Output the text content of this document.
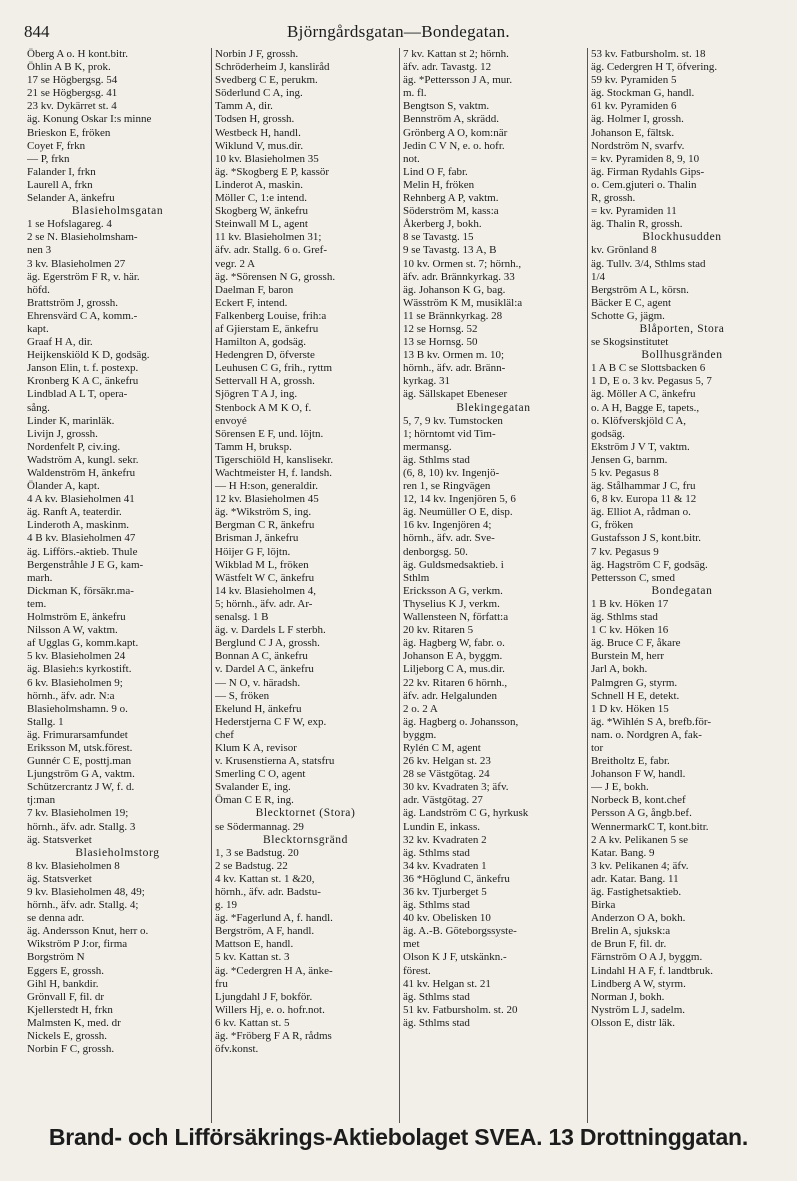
844	Björngårdsgatan—Bondegatan.
Öberg A o. H kont.bitr.
Öhlin A B K, prok.
17 se Högbergsg. 54
21 se Högbergsg. 41
23 kv. Dykärret st. 4
äg. Konung Oskar I:s minne
Brieskon E, fröken
Coyet F, frkn
— P, frkn
Falander I, frkn
Laurell A, frkn
Selander A, änkefru
Blasieholmsgatan
1 se Hofslagareg. 4
2 se N. Blasieholmsham-
nen 3
3 kv. Blasieholmen 27
äg. Egerström F R, v. här.
höfd.
Brattström J, grossh.
Ehrensvärd C A, komm.-
kapt.
Graaf H A, dir.
Heijkenskiöld K D, godsäg.
Janson Elin, t. f. postexp.
Kronberg K A C, änkefru
Lindblad A L T, opera-
sång.
Linder K, marinläk.
Livijn J, grossh.
Nordenfelt P, civ.ing.
Wadström A, kungl. sekr.
Waldenström H, änkefru
Ölander A, kapt.
4 A kv. Blasieholmen 41
äg. Ranft A, teaterdir.
Linderoth A, maskinm.
4 B kv. Blasieholmen 47
äg. Lifförs.-aktieb. Thule
Bergenstråhle J E G, kam-
marh.
Dickman K, försäkr.ma-
tem.
Holmström E, änkefru
Nilsson A W, vaktm.
af Ugglas G, komm.kapt.
5 kv. Blasieholmen 24
äg. Blasieh:s kyrkostift.
6 kv. Blasieholmen 9;
hörnh., äfv. adr. N:a
Blasieholmshamn. 9 o.
Stallg. 1
äg. Frimurarsamfundet
Eriksson M, utsk.förest.
Gunnér C E, posttj.man
Ljungström G A, vaktm.
Schützercrantz J W, f. d.
tj:man
7 kv. Blasieholmen 19;
hörnh., äfv. adr. Stallg. 3
äg. Statsverket
Blasieholmstorg
8 kv. Blasieholmen 8
äg. Statsverket
9 kv. Blasieholmen 48, 49;
hörnh., äfv. adr. Stallg. 4;
se denna adr.
äg. Andersson Knut, herr o.
Wikström P J:or, firma
Borgström N
Eggers E, grossh.
Gihl H, bankdir.
Grönvall F, fil. dr
Kjellerstedt H, frkn
Malmsten K, med. dr
Nickels E, grossh.
Norbin F C, grossh.
Norbin J F, grossh.
Schröderheim J, kansliråd
Svedberg C E, perukm.
Söderlund C A, ing.
Tamm A, dir.
Todsen H, grossh.
Westbeck H, handl.
Wiklund V, mus.dir.
10 kv. Blasieholmen 35
äg. *Skogberg E P, kassör
Linderot A, maskin.
Möller C, 1:e intend.
Skogberg W, änkefru
Steinwall M L, agent
11 kv. Blasieholmen 31;
äfv. adr. Stallg. 6 o. Gref-
vegr. 2 A
äg. *Sörensen N G, grossh.
Daelman F, baron
Eckert F, intend.
Falkenberg Louise, frih:a
af Gjierstam E, änkefru
Hamilton A, godsäg.
Hedengren D, öfverste
Leuhusen C G, frih., ryttm
Settervall H A, grossh.
Sjögren T A J, ing.
Stenbock A M K O, f.
envoyé
Sörensen E F, und. löjtn.
Tamm H, bruksp.
Tigerschiöld H, kanslisekr.
Wachtmeister H, f. landsh.
— H H:son, generaldir.
12 kv. Blasieholmen 45
äg. *Wikström S, ing.
Bergman C R, änkefru
Brisman J, änkefru
Höijer G F, löjtn.
Wikblad M L, fröken
Wästfelt W C, änkefru
14 kv. Blasieholmen 4,
5; hörnh., äfv. adr. Ar-
senalsg. 1 B
äg. v. Dardels L F sterbh.
Berglund C J A, grossh.
Bonnan A C, änkefru
v. Dardel A C, änkefru
— N O, v. häradsh.
— S, fröken
Ekelund H, änkefru
Hederstjerna C F W, exp.
chef
Klum K A, revisor
v. Krusenstierna A, statsfru
Smerling C O, agent
Svalander E, ing.
Öman C E R, ing.
Blecktornet (Stora)
se Södermannag. 29
Blecktornsgränd
1, 3 se Badstug. 20
2 se Badstug. 22
4 kv. Kattan st. 1 &20,
hörnh., äfv. adr. Badstu-
g. 19
äg. *Fagerlund A, f. handl.
Bergström, A F, handl.
Mattson E, handl.
5 kv. Kattan st. 3
äg. *Cedergren H A, änke-
fru
Ljungdahl J F, bokför.
Willers Hj, e. o. hofr.not.
6 kv. Kattan st. 5
äg. *Fröberg F A R, rådms
öfv.konst.
7 kv. Kattan st 2; hörnh.
äfv. adr. Tavastg. 12
äg. *Pettersson J A, mur.
m. fl.
Bengtson S, vaktm.
Bennström A, skrädd.
Grönberg A O, kom:när
Jedin C V N, e. o. hofr.
not.
Lind O F, fabr.
Melin H, fröken
Rehnberg A P, vaktm.
Söderström M, kass:a
Åkerberg J, bokh.
8 se Tavastg. 15
9 se Tavastg. 13 A, B
10 kv. Ormen st. 7; hörnh.,
äfv. adr. Brännkyrkag. 33
äg. Johanson K G, bag.
Wäsström K M, musikläl:a
11 se Brännkyrkag. 28
12 se Hornsg. 52
13 se Hornsg. 50
13 B kv. Ormen m. 10;
hörnh., äfv. adr. Bränn-
kyrkag. 31
äg. Sällskapet Ebeneser
Blekingegatan
5, 7, 9 kv. Tumstocken
1; hörntomt vid Tim-
mermansg.
äg. Sthlms stad
(6, 8, 10) kv. Ingenjö-
ren 1, se Ringvägen
12, 14 kv. Ingenjören 5, 6
äg. Neumüller O E, disp.
16 kv. Ingenjören 4;
hörnh., äfv. adr. Sve-
denborgsg. 50.
äg. Guldsmedsaktieb. i
Sthlm
Ericksson A G, verkm.
Thyselius K J, verkm.
Wallensteen N, författ:a
20 kv. Ritaren 5
äg. Hagberg W, fabr. o.
Johanson E A, byggm.
Liljeborg C A, mus.dir.
22 kv. Ritaren 6 hörnh.,
äfv. adr. Helgalunden
2 o. 2 A
äg. Hagberg o. Johansson,
byggm.
Rylén C M, agent
26 kv. Helgan st. 23
28 se Västgötag. 24
30 kv. Kvadraten 3; äfv.
adr. Västgötag. 27
äg. Landström C G, hyrkusk
Lundin E, inkass.
32 kv. Kvadraten 2
äg. Sthlms stad
34 kv. Kvadraten 1
36 *Höglund C, änkefru
36 kv. Tjurberget 5
äg. Sthlms stad
40 kv. Obelisken 10
äg. A.-B. Göteborgssyste-
met
Olson K J F, utskänkn.-
förest.
41 kv. Helgan st. 21
äg. Sthlms stad
51 kv. Fatbursholm. st. 20
äg. Sthlms stad
53 kv. Fatbursholm. st. 18
äg. Cedergren H T, öfvering.
59 kv. Pyramiden 5
äg. Stockman G, handl.
61 kv. Pyramiden 6
äg. Holmer I, grossh.
Johanson E, fältsk.
Nordström N, svarfv.
= kv. Pyramiden 8, 9, 10
äg. Firman Rydahls Gips-
o. Cem.gjuteri o. Thalin
R, grossh.
= kv. Pyramiden 11
äg. Thalin R, grossh.
Blockhusudden
kv. Grönland 8
äg. Tullv. 3/4, Sthlms stad
1/4
Bergström A L, körsn.
Bäcker E C, agent
Schotte G, jägm.
Blåporten, Stora
se Skogsinstitutet
Bollhusgränden
1 A B C se Slottsbacken 6
1 D, E o. 3 kv. Pegasus 5, 7
äg. Möller A C, änkefru
o. A H, Bagge E, tapets.,
o. Klöfverskjöld C A,
godsäg.
Ekström J V T, vaktm.
Jensen G, barnm.
5 kv. Pegasus 8
äg. Stålhammar J C, fru
6, 8 kv. Europa 11 & 12
äg. Elliot A, rådman o.
G, fröken
Gustafsson J S, kont.bitr.
7 kv. Pegasus 9
äg. Hagström C F, godsäg.
Pettersson C, smed
Bondegatan
1 B kv. Höken 17
äg. Sthlms stad
1 C kv. Höken 16
äg. Bruce C F, åkare
Burstein M, herr
Jarl A, bokh.
Palmgren G, styrm.
Schnell H E, detekt.
1 D kv. Höken 15
äg. *Wihlén S A, brefb.för-
nam. o. Nordgren A, fak-
tor
Breitholtz E, fabr.
Johanson F W, handl.
— J E, bokh.
Norbeck B, kont.chef
Persson A G, ångb.bef.
WennermarkC T, kont.bitr.
2 A kv. Pelikanen 5 se
Katar. Bang. 9
3 kv. Pelikanen 4; äfv.
adr. Katar. Bang. 11
äg. Fastighetsaktieb.
Birka
Anderzon O A, bokh.
Brelin A, sjuksk:a
de Brun F, fil. dr.
Färnström O A J, byggm.
Lindahl H A F, f. landtbruk.
Lindberg A W, styrm.
Norman J, bokh.
Nyström L J, sadelm.
Olsson E, distr läk.
Brand- och Lifförsäkrings-Aktiebolaget SVEA. 13 Drottninggatan.
